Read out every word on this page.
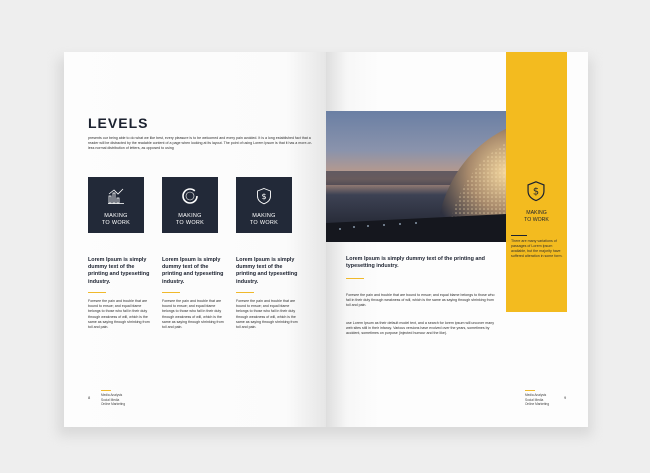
LEVELS

presents our being able to do what we like best, every pleasure is to be welcomed and every pain avoided. It is a long established fact that a reader will be distracted by the readable content of a page when looking at its layout. The point of using Lorem Ipsum is that it has a more-or-less normal distribution of letters, as opposed to using

MAKING
TO WORK
MAKING
TO WORK
$
MAKING
TO WORK

Lorem Ipsum is simply dummy text of the printing and typesetting industry.

Foresee the pain and trouble that are bound to ensue; and equal blame belongs to those who fail in their duty through weakness of will, which is the same as saying through shrinking from toil and pain.

Lorem Ipsum is simply dummy text of the printing and typesetting industry.

Foresee the pain and trouble that are bound to ensue; and equal blame belongs to those who fail in their duty through weakness of will, which is the same as saying through shrinking from toil and pain.

Lorem Ipsum is simply dummy text of the printing and typesetting industry.

Foresee the pain and trouble that are bound to ensue; and equal blame belongs to those who fail in their duty through weakness of will, which is the same as saying through shrinking from toil and pain.

8	Media Analysis
Social Media
Online Marketing
$
MAKING
TO WORK

There are many variations of passages of Lorem Ipsum available, but the majority have suffered alteration in some form.

Lorem Ipsum is simply dummy text of the printing and typesetting industry.

Foresee the pain and trouble that are bound to ensue; and equal blame belongs to those who fail in their duty through weakness of will, which is the same as saying through shrinking from toil and pain.

use Lorem Ipsum as their default model text, and a search for lorem ipsum will uncover many web sites still in their infancy. Various versions have evolved over the years, sometimes by accident, sometimes on purpose (injected humour and the like).

Media Analysis
Social Media
Online Marketing
9
